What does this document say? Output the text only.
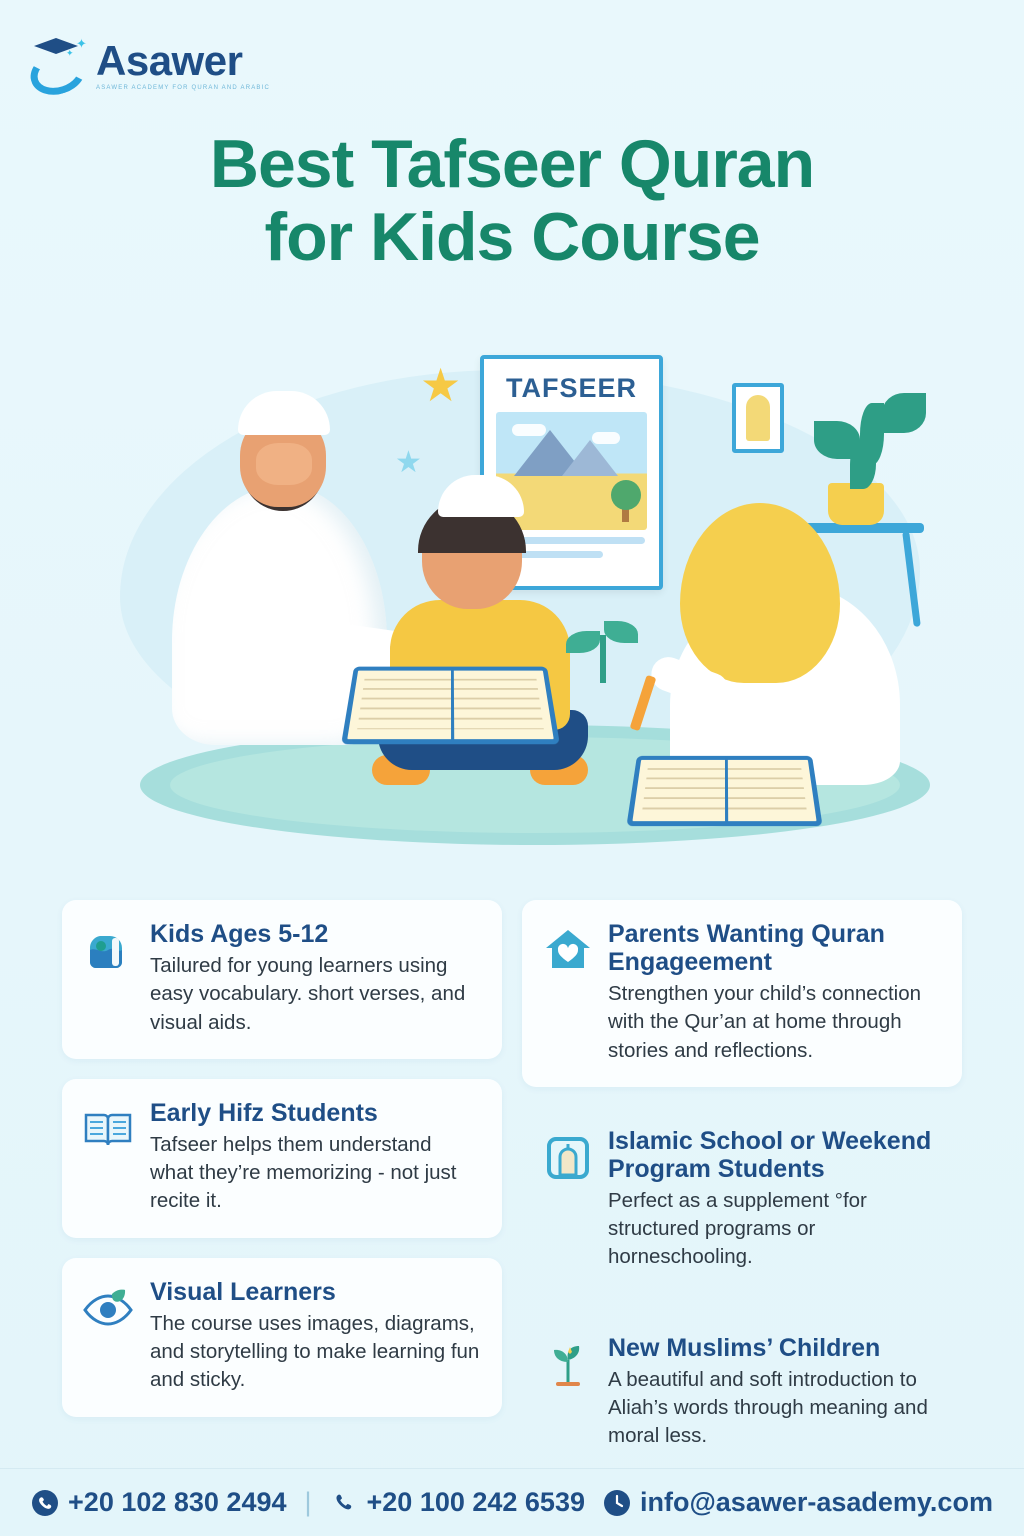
✦
✦ Asawer
ASAWER ACADEMY FOR QURAN AND ARABIC
Best Tafseer Quran
for Kids Course
★
TAFSEER
Kids Ages 5-12
Tailured for young learners using easy vocabulary. short verses, and visual aids.
Early Hifz Students
Tafseer helps them understand what they’re memorizing - not just recite it.
Visual Learners
The course uses images, diagrams, and storytelling to make learning fun and sticky.
Parents Wanting Quran Engageement
Strengthen your child’s connection with the Qur’an at home through stories and reflections.
Islamic School or Weekend Program Students
Perfect as a supplement °for structured programs or horneschooling.
New Muslims’ Children
A beautiful and soft introduction to Aliah’s words through meaning and moral less.
+20 102 830 2494 | +20 100 242 6539 info@asawer-asademy.com
